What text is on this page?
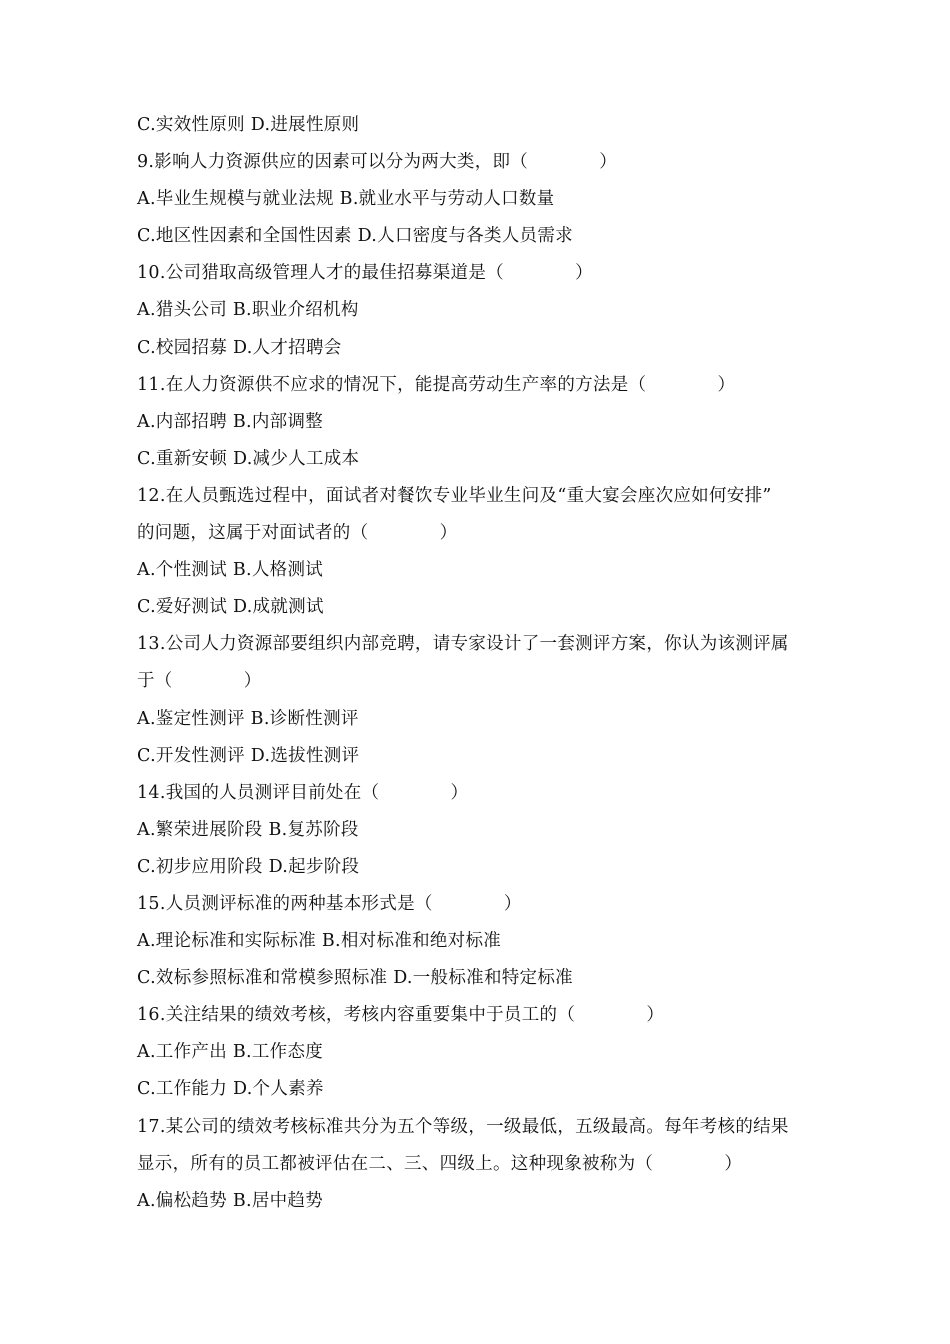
C.实效性原则 D.进展性原则
9.影响人力资源供应的因素可以分为两大类，即（　　　　）
A.毕业生规模与就业法规 B.就业水平与劳动人口数量
C.地区性因素和全国性因素 D.人口密度与各类人员需求
10.公司猎取高级管理人才的最佳招募渠道是（　　　　）
A.猎头公司 B.职业介绍机构
C.校园招募 D.人才招聘会
11.在人力资源供不应求的情况下，能提高劳动生产率的方法是（　　　　）
A.内部招聘 B.内部调整
C.重新安顿 D.减少人工成本
12.在人员甄选过程中，面试者对餐饮专业毕业生问及“重大宴会座次应如何安排”
的问题，这属于对面试者的（　　　　）
A.个性测试 B.人格测试
C.爱好测试 D.成就测试
13.公司人力资源部要组织内部竞聘，请专家设计了一套测评方案，你认为该测评属
于（　　　　）
A.鉴定性测评 B.诊断性测评
C.开发性测评 D.选拔性测评
14.我国的人员测评目前处在（　　　　）
A.繁荣进展阶段 B.复苏阶段
C.初步应用阶段 D.起步阶段
15.人员测评标准的两种基本形式是（　　　　）
A.理论标准和实际标准 B.相对标准和绝对标准
C.效标参照标准和常模参照标准 D.一般标准和特定标准
16.关注结果的绩效考核，考核内容重要集中于员工的（　　　　）
A.工作产出 B.工作态度
C.工作能力 D.个人素养
17.某公司的绩效考核标准共分为五个等级，一级最低，五级最高。每年考核的结果
显示，所有的员工都被评估在二、三、四级上。这种现象被称为（　　　　）
A.偏松趋势 B.居中趋势
